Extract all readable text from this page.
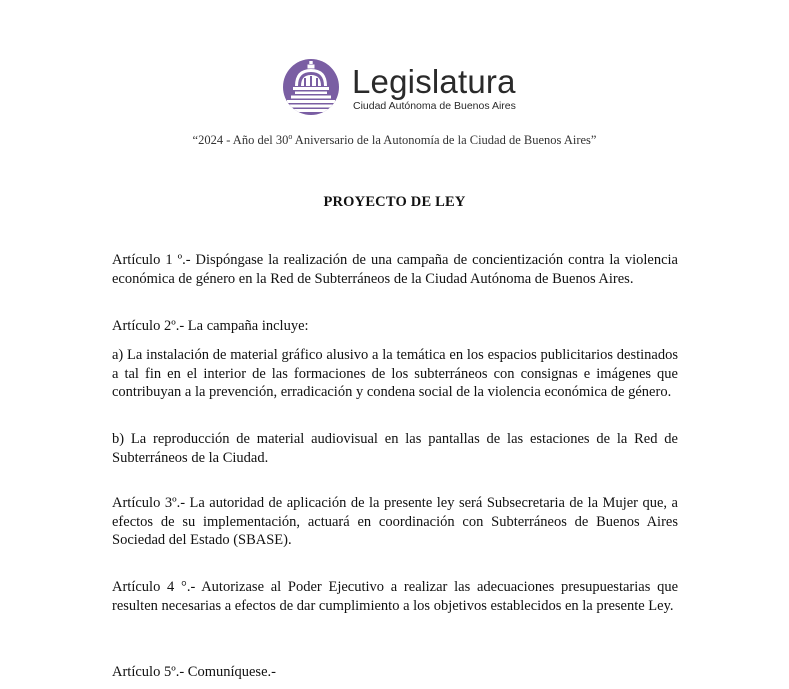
Legislatura
Ciudad Autónoma de Buenos Aires
“2024 - Año del 30$^o$ Aniversario de la Autonomía de la Ciudad de Buenos Aires”
PROYECTO DE LEY

Artículo 1 º.- Dispóngase la realización de una campaña de concientización contra la violencia económica de género en la Red de Subterráneos de la Ciudad Autónoma de Buenos Aires.

Artículo 2º.- La campaña incluye:

a) La instalación de material gráfico alusivo a la temática en los espacios publicitarios destinados a tal fin en el interior de las formaciones de los subterráneos con consignas e imágenes que contribuyan a la prevención, erradicación y condena social de la violencia económica de género.

b) La reproducción de material audiovisual en las pantallas de las estaciones de la Red de Subterráneos de la Ciudad.

Artículo 3º.- La autoridad de aplicación de la presente ley será Subsecretaria de la Mujer que, a efectos de su implementación, actuará en coordinación con Subterráneos de Buenos Aires Sociedad del Estado (SBASE).

Artículo 4 °.- Autorizase al Poder Ejecutivo a realizar las adecuaciones presupuestarias que resulten necesarias a efectos de dar cumplimiento a los objetivos establecidos en la presente Ley.

Artículo 5º.- Comuníquese.-
